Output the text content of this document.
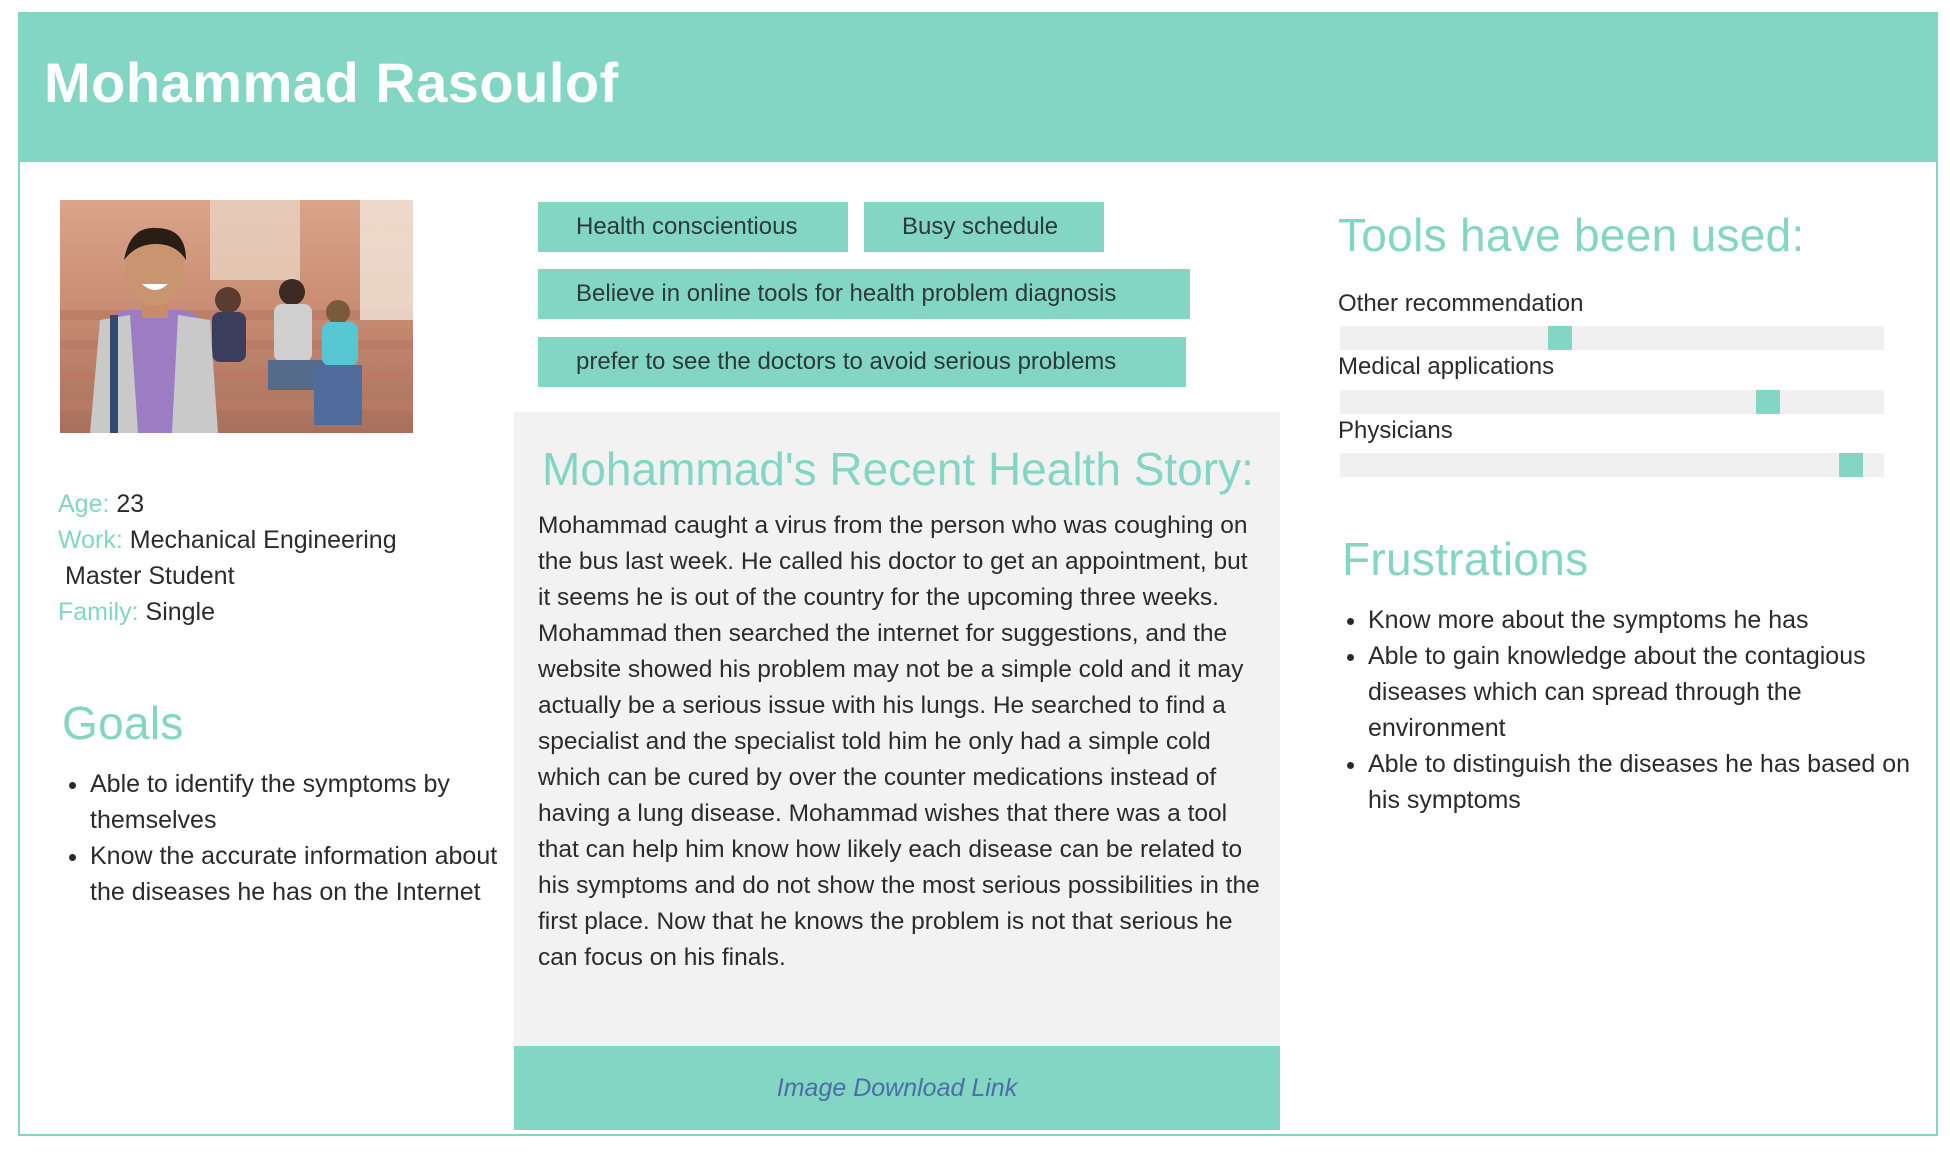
Mohammad Rasoulof
Age: 23
Work: Mechanical Engineering
Master Student
Family: Single
Goals
• Able to identify the symptoms by themselves
• Know the accurate information about the diseases he has on the Internet
Health conscientious	Busy schedule
Believe in online tools for health problem diagnosis
prefer to see the doctors to avoid serious problems
Mohammad's Recent Health Story:

Mohammad caught a virus from the person who was coughing on the bus last week. He called his doctor to get an appointment, but it seems he is out of the country for the upcoming three weeks. Mohammad then searched the internet for suggestions, and the website showed his problem may not be a simple cold and it may actually be a serious issue with his lungs. He searched to find a specialist and the specialist told him he only had a simple cold which can be cured by over the counter medications instead of having a lung disease. Mohammad wishes that there was a tool that can help him know how likely each disease can be related to his symptoms and do not show the most serious possibilities in the first place. Now that he knows the problem is not that serious he can focus on his finals.

Image Download Link
Tools have been used:
Other recommendation
Medical applications
Physicians
Frustrations
• Know more about the symptoms he has
• Able to gain knowledge about the contagious diseases which can spread through the environment
• Able to distinguish the diseases he has based on his symptoms
